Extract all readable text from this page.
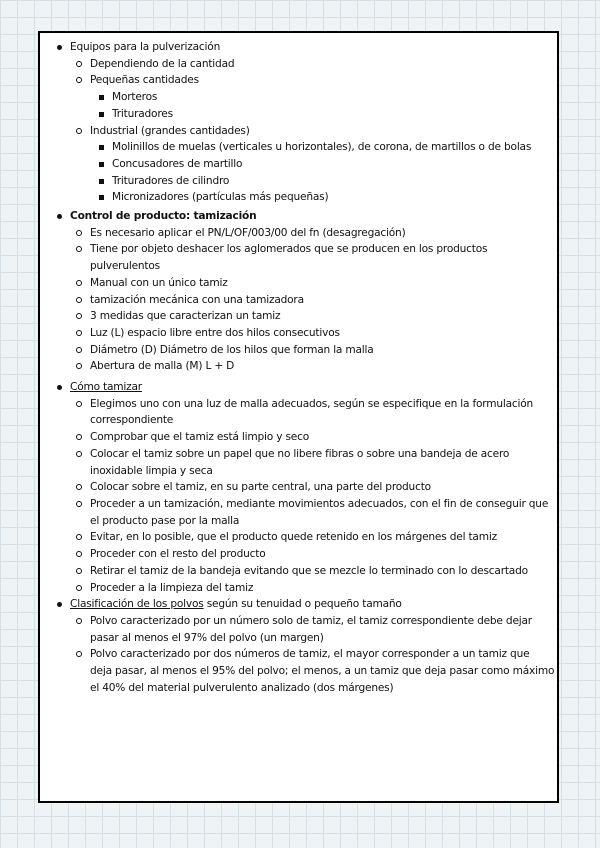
Equipos para la pulverización
Dependiendo de la cantidad
Pequeñas cantidades
Morteros
Trituradores
Industrial (grandes cantidades)
Molinillos de muelas (verticales u horizontales), de corona, de martillos o de bolas
Concusadores de martillo
Trituradores de cilindro
Micronizadores (partículas más pequeñas)
Control de producto: tamización
Es necesario aplicar el PN/L/OF/003/00 del fn (desagregación)
Tiene por objeto deshacer los aglomerados que se producen en los productos
pulverulentos
Manual con un único tamiz
tamización mecánica con una tamizadora
3 medidas que caracterizan un tamiz
Luz (L) espacio libre entre dos hilos consecutivos
Diámetro (D) Diámetro de los hilos que forman la malla
Abertura de malla (M) L + D
Cómo tamizar
Elegimos uno con una luz de malla adecuados, según se especifique en la formulación
correspondiente
Comprobar que el tamiz está limpio y seco
Colocar el tamiz sobre un papel que no libere fibras o sobre una bandeja de acero
inoxidable limpia y seca
Colocar sobre el tamiz, en su parte central, una parte del producto
Proceder a un tamización, mediante movimientos adecuados, con el fin de conseguir que
el producto pase por la malla
Evitar, en lo posible, que el producto quede retenido en los márgenes del tamiz
Proceder con el resto del producto
Retirar el tamiz de la bandeja evitando que se mezcle lo terminado con lo descartado
Proceder a la limpieza del tamiz
Clasificación de los polvos según su tenuidad o pequeño tamaño
Polvo caracterizado por un número solo de tamiz, el tamiz correspondiente debe dejar
pasar al menos el 97% del polvo (un margen)
Polvo caracterizado por dos números de tamiz, el mayor corresponder a un tamiz que
deja pasar, al menos el 95% del polvo; el menos, a un tamiz que deja pasar como máximo
el 40% del material pulverulento analizado (dos márgenes)
